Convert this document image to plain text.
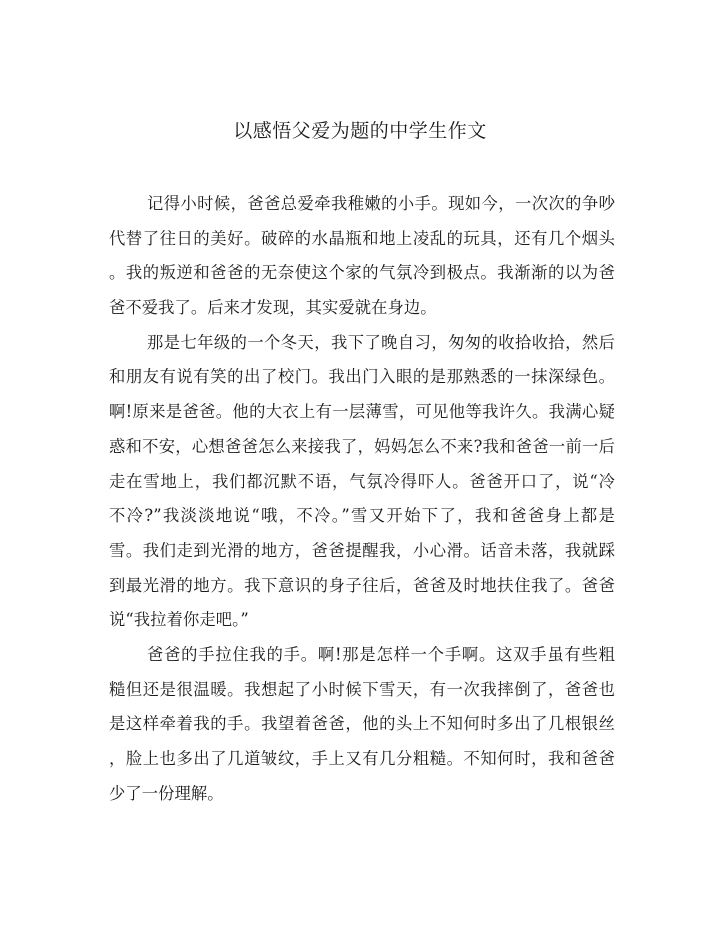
以感悟父爱为题的中学生作文
记得小时候，爸爸总爱牵我稚嫩的小手。现如今，一次次的争吵
代替了往日的美好。破碎的水晶瓶和地上凌乱的玩具，还有几个烟头
。我的叛逆和爸爸的无奈使这个家的气氛冷到极点。我渐渐的以为爸
爸不爱我了。后来才发现，其实爱就在身边。
那是七年级的一个冬天，我下了晚自习，匆匆的收拾收拾，然后
和朋友有说有笑的出了校门。我出门入眼的是那熟悉的一抹深绿色。
啊!原来是爸爸。他的大衣上有一层薄雪，可见他等我许久。我满心疑
惑和不安，心想爸爸怎么来接我了，妈妈怎么不来?我和爸爸一前一后
走在雪地上，我们都沉默不语，气氛冷得吓人。爸爸开口了，说“冷
不冷?”我淡淡地说“哦，不冷。”雪又开始下了，我和爸爸身上都是
雪。我们走到光滑的地方，爸爸提醒我，小心滑。话音未落，我就踩
到最光滑的地方。我下意识的身子往后，爸爸及时地扶住我了。爸爸
说“我拉着你走吧。”
爸爸的手拉住我的手。啊!那是怎样一个手啊。这双手虽有些粗
糙但还是很温暖。我想起了小时候下雪天，有一次我摔倒了，爸爸也
是这样牵着我的手。我望着爸爸，他的头上不知何时多出了几根银丝
，脸上也多出了几道皱纹，手上又有几分粗糙。不知何时，我和爸爸
少了一份理解。
